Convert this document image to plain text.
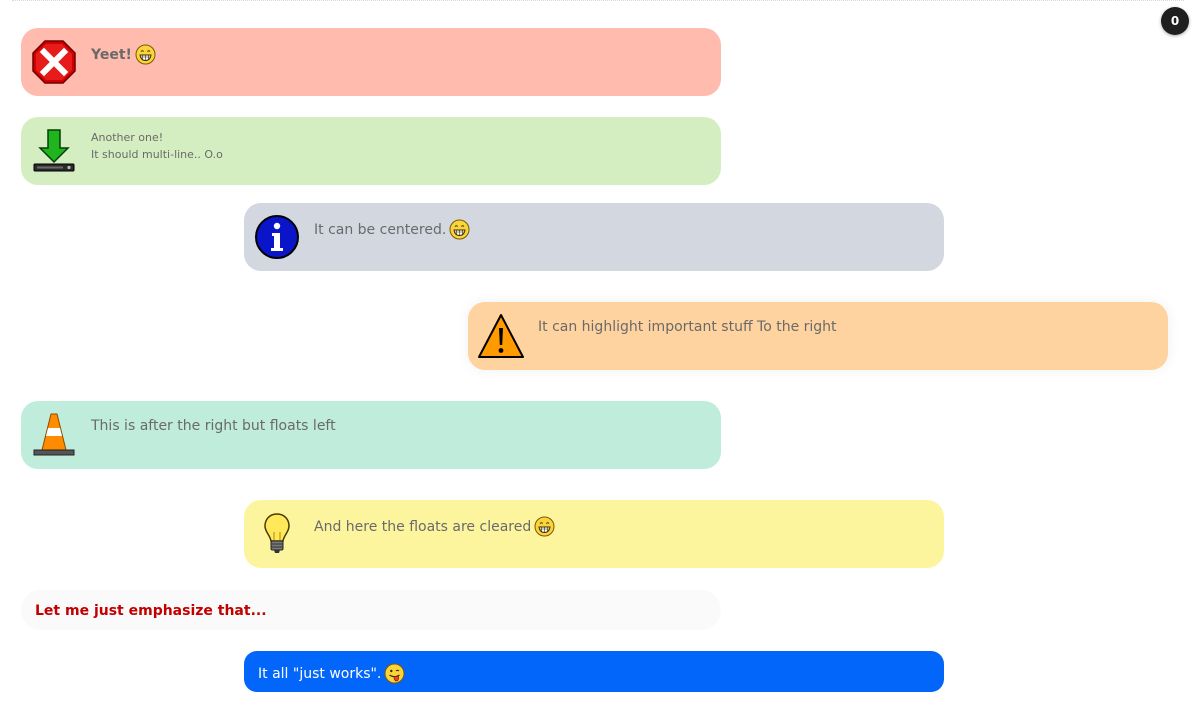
0
Yeet!
Another one!
It should multi-line.. O.o
It can be centered.
It can highlight important stuff To the right
This is after the right but floats left
And here the floats are cleared
Let me just emphasize that...
It all "just works".
